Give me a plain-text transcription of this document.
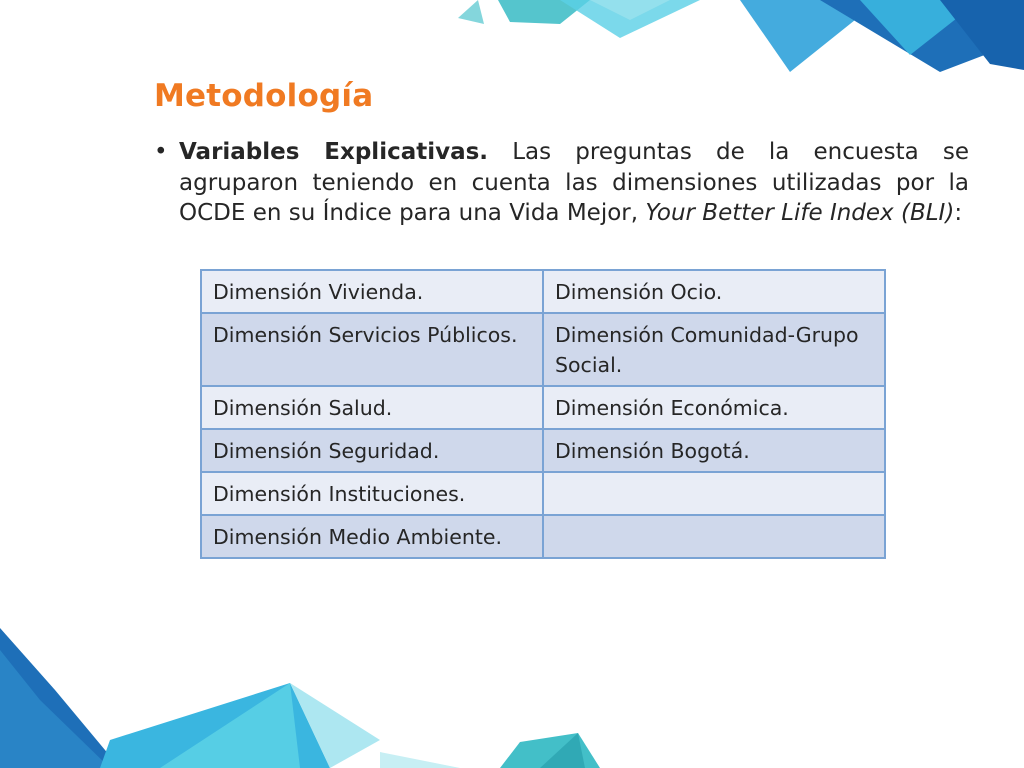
Metodología
• Variables Explicativas. Las preguntas de la encuesta se agruparon teniendo en cuenta las dimensiones utilizadas por la OCDE en su Índice para una Vida Mejor, Your Better Life Index (BLI):

Dimensión Vivienda.	Dimensión Ocio.
Dimensión Servicios Públicos.	Dimensión Comunidad-Grupo Social.
Dimensión Salud.	Dimensión Económica.
Dimensión Seguridad.	Dimensión Bogotá.
Dimensión Instituciones.	
Dimensión Medio Ambiente.	
